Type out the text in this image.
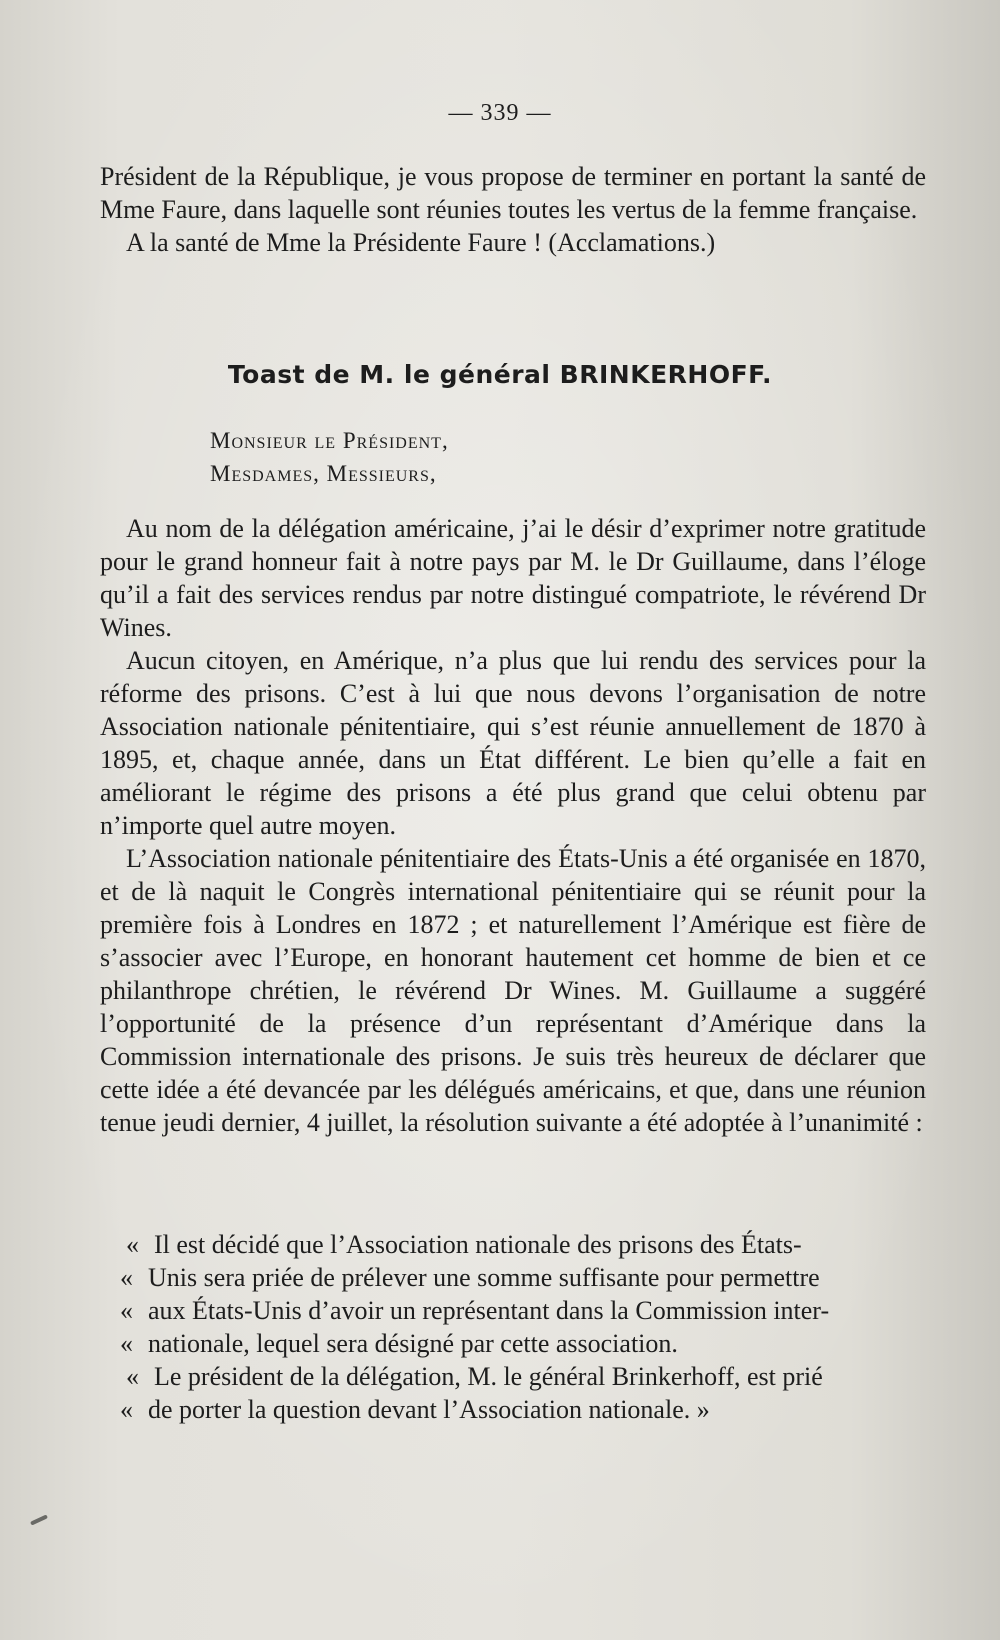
— 339 —

Président de la République, je vous propose de terminer en portant la santé de Mme Faure, dans laquelle sont réunies toutes les vertus de la femme française.

A la santé de Mme la Présidente Faure ! (Acclamations.)

Toast de M. le général BRINKERHOFF.
Monsieur le Président,
Mesdames, Messieurs,

Au nom de la délégation américaine, j’ai le désir d’exprimer notre gratitude pour le grand honneur fait à notre pays par M. le Dr Guillaume, dans l’éloge qu’il a fait des services rendus par notre distingué compatriote, le révérend Dr Wines.

Aucun citoyen, en Amérique, n’a plus que lui rendu des services pour la réforme des prisons. C’est à lui que nous devons l’organisation de notre Association nationale pénitentiaire, qui s’est réunie annuellement de 1870 à 1895, et, chaque année, dans un État différent. Le bien qu’elle a fait en améliorant le régime des prisons a été plus grand que celui obtenu par n’importe quel autre moyen.

L’Association nationale pénitentiaire des États-Unis a été organisée en 1870, et de là naquit le Congrès international pénitentiaire qui se réunit pour la première fois à Londres en 1872 ; et naturellement l’Amérique est fière de s’associer avec l’Europe, en honorant hautement cet homme de bien et ce philanthrope chrétien, le révérend Dr Wines. M. Guillaume a suggéré l’opportunité de la présence d’un représentant d’Amérique dans la Commission internationale des prisons. Je suis très heureux de déclarer que cette idée a été devancée par les délégués américains, et que, dans une réunion tenue jeudi dernier, 4 juillet, la résolution suivante a été adoptée à l’unanimité :

« Il est décidé que l’Association nationale des prisons des États-

« Unis sera priée de prélever une somme suffisante pour permettre

« aux États-Unis d’avoir un représentant dans la Commission inter-

« nationale, lequel sera désigné par cette association.

« Le président de la délégation, M. le général Brinkerhoff, est prié

« de porter la question devant l’Association nationale. »
